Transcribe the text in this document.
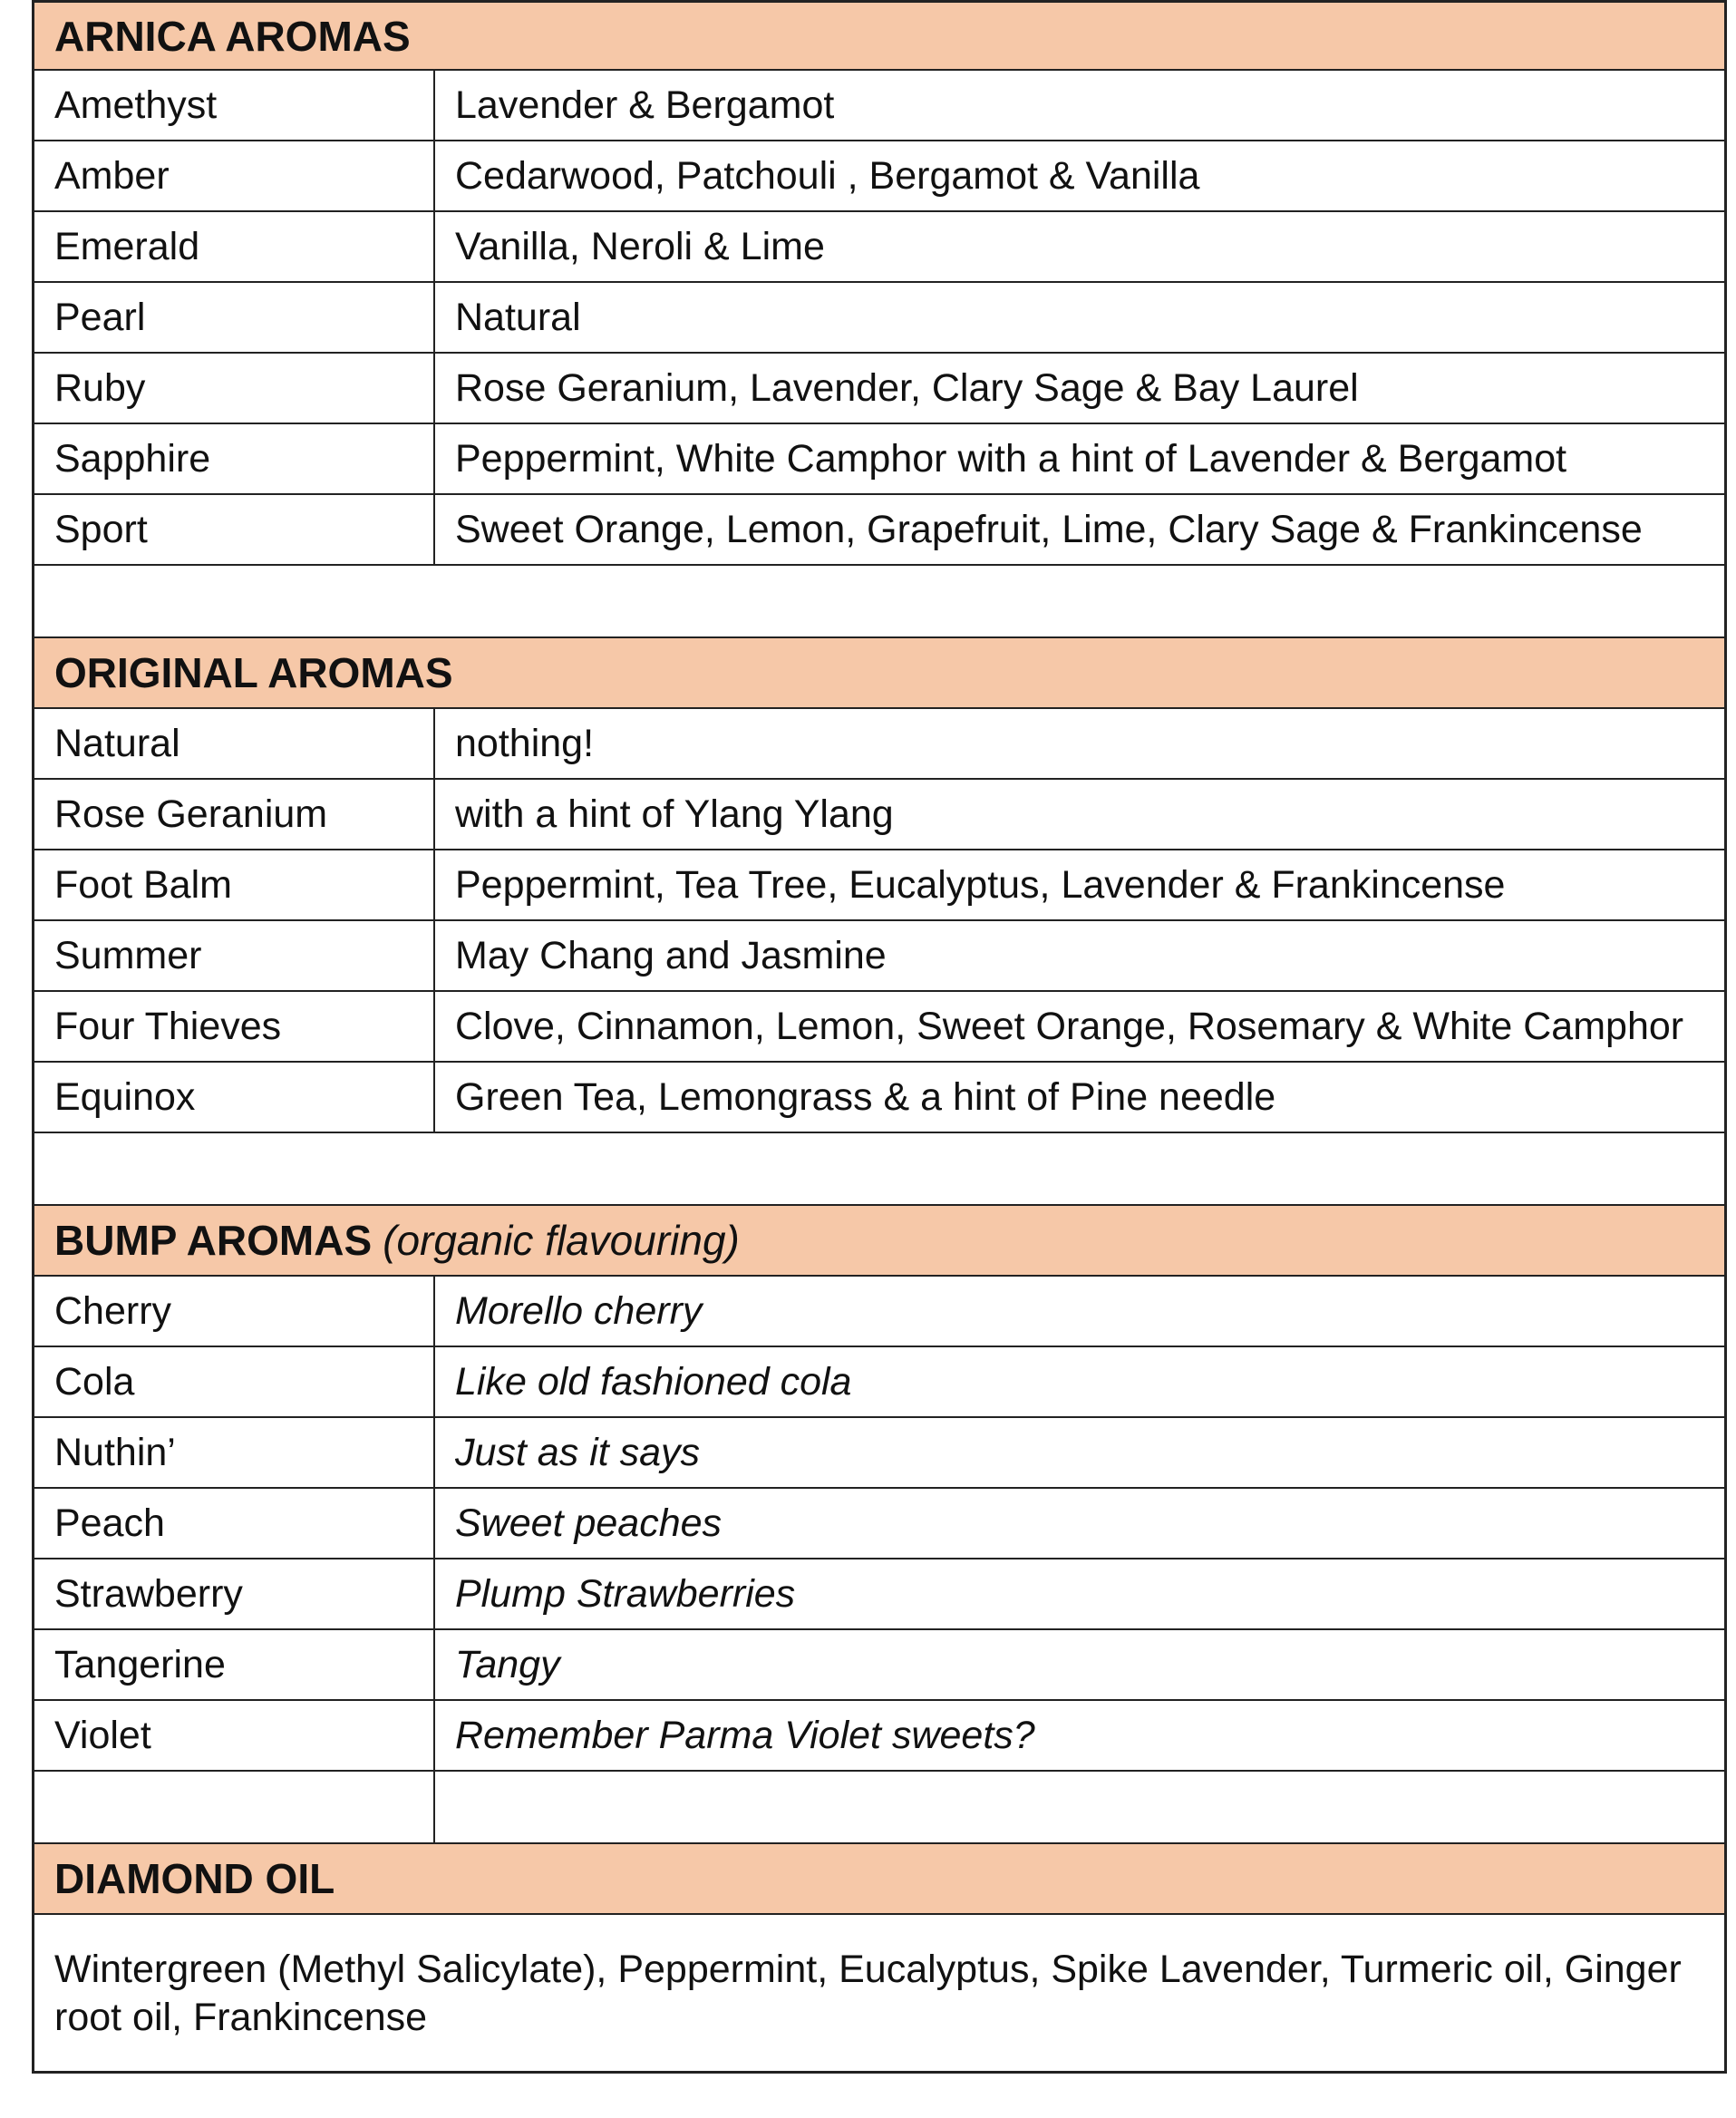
ARNICA AROMAS
Amethyst	Lavender & Bergamot
Amber	Cedarwood, Patchouli , Bergamot & Vanilla
Emerald	Vanilla, Neroli & Lime
Pearl	Natural
Ruby	Rose Geranium, Lavender, Clary Sage & Bay Laurel
Sapphire	Peppermint, White Camphor with a hint of Lavender & Bergamot
Sport	Sweet Orange, Lemon, Grapefruit, Lime, Clary Sage & Frankincense
ORIGINAL AROMAS
Natural	nothing!
Rose Geranium	with a hint of Ylang Ylang
Foot Balm	Peppermint, Tea Tree, Eucalyptus, Lavender & Frankincense
Summer	May Chang and Jasmine
Four Thieves	Clove, Cinnamon, Lemon, Sweet Orange, Rosemary & White Camphor
Equinox	Green Tea, Lemongrass & a hint of Pine needle
BUMP AROMAS (organic flavouring)
Cherry	Morello cherry
Cola	Like old fashioned cola
Nuthin’	Just as it says
Peach	Sweet peaches
Strawberry	Plump Strawberries
Tangerine	Tangy
Violet	Remember Parma Violet sweets?
DIAMOND OIL
Wintergreen (Methyl Salicylate), Peppermint, Eucalyptus, Spike Lavender, Turmeric oil, Ginger root oil, Frankincense
